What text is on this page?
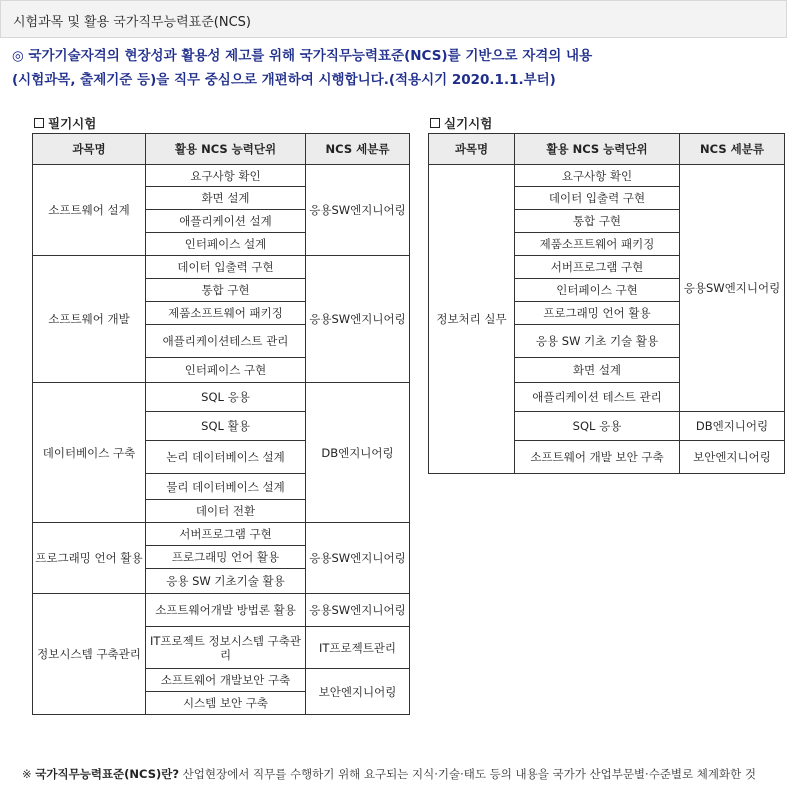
시험과목 및 활용 국가직무능력표준(NCS)
◎ 국가기술자격의 현장성과 활용성 제고를 위해 국가직무능력표준(NCS)를 기반으로 자격의 내용
(시험과목, 출제기준 등)을 직무 중심으로 개편하여 시행합니다.(적용시기 2020.1.1.부터)
필기시험	실기시험
과목명	활용 NCS 능력단위	NCS 세분류
소프트웨어 설계	요구사항 확인	응용SW엔지니어링
	화면 설계	
	애플리케이션 설계	
	인터페이스 설계	
소프트웨어 개발	데이터 입출력 구현	응용SW엔지니어링
	통합 구현	
	제품소프트웨어 패키징	
	애플리케이션테스트 관리	
	인터페이스 구현	
데이터베이스 구축	SQL 응용	DB엔지니어링
	SQL 활용	
	논리 데이터베이스 설계	
	물리 데이터베이스 설계	
	데이터 전환	
프로그래밍 언어 활용	서버프로그램 구현	응용SW엔지니어링
	프로그래밍 언어 활용	
	응용 SW 기초기술 활용	
정보시스템 구축관리	소프트웨어개발 방법론 활용	응용SW엔지니어링
	IT프로젝트 정보시스템 구축관리	IT프로젝트관리
	소프트웨어 개발보안 구축	보안엔지니어링
	시스템 보안 구축	
과목명	활용 NCS 능력단위	NCS 세분류
정보처리 실무	요구사항 확인	응용SW엔지니어링
	데이터 입출력 구현	
	통합 구현	
	제품소프트웨어 패키징	
	서버프로그램 구현	
	인터페이스 구현	
	프로그래밍 언어 활용	
	응용 SW 기초 기술 활용	
	화면 설계	
	애플리케이션 테스트 관리	
	SQL 응용	DB엔지니어링
	소프트웨어 개발 보안 구축	보안엔지니어링
※ 국가직무능력표준(NCS)란? 산업현장에서 직무를 수행하기 위해 요구되는 지식·기술·태도 등의 내용을 국가가 산업부문별·수준별로 체계화한 것
